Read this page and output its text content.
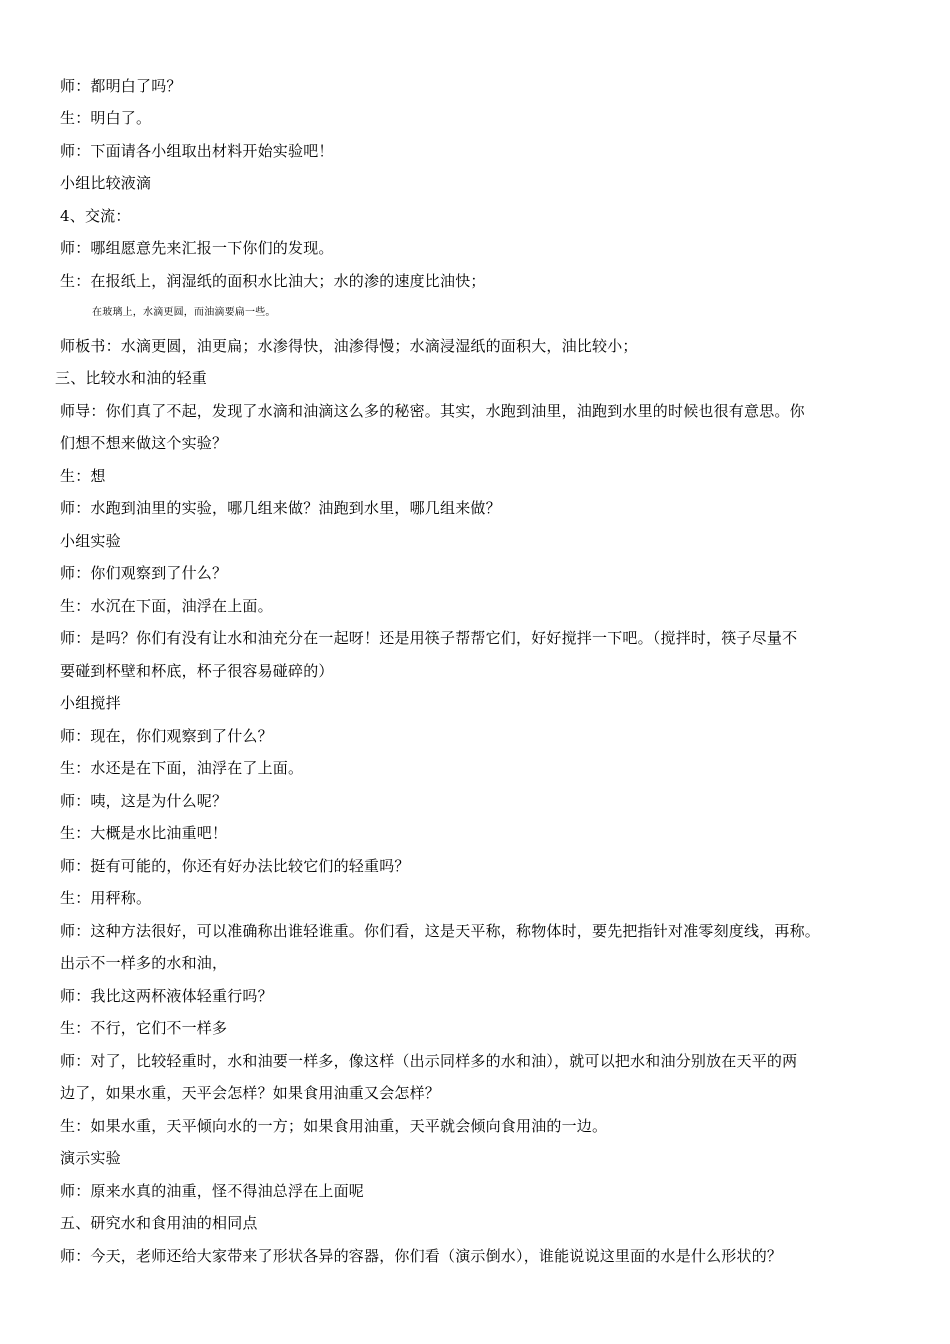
师：都明白了吗？
生：明白了。
师：下面请各小组取出材料开始实验吧！
小组比较液滴
4、交流：
师：哪组愿意先来汇报一下你们的发现。
生：在报纸上，润湿纸的面积水比油大；水的渗的速度比油快；
在玻璃上，水滴更圆，而油滴要扁一些。
师板书：水滴更圆，油更扁；水渗得快，油渗得慢；水滴浸湿纸的面积大，油比较小；
三、比较水和油的轻重
师导：你们真了不起，发现了水滴和油滴这么多的秘密。其实，水跑到油里，油跑到水里的时候也很有意思。你
们想不想来做这个实验？
生：想
师：水跑到油里的实验，哪几组来做？油跑到水里，哪几组来做？
小组实验
师：你们观察到了什么？
生：水沉在下面，油浮在上面。
师：是吗？你们有没有让水和油充分在一起呀！还是用筷子帮帮它们，好好搅拌一下吧。（搅拌时，筷子尽量不
要碰到杯壁和杯底，杯子很容易碰碎的）
小组搅拌
师：现在，你们观察到了什么？
生：水还是在下面，油浮在了上面。
师：咦，这是为什么呢？
生：大概是水比油重吧！
师：挺有可能的，你还有好办法比较它们的轻重吗？
生：用秤称。
师：这种方法很好，可以准确称出谁轻谁重。你们看，这是天平称，称物体时，要先把指针对准零刻度线，再称。
出示不一样多的水和油，
师：我比这两杯液体轻重行吗？
生：不行，它们不一样多
师：对了，比较轻重时，水和油要一样多，像这样（出示同样多的水和油），就可以把水和油分别放在天平的两
边了，如果水重，天平会怎样？如果食用油重又会怎样？
生：如果水重，天平倾向水的一方；如果食用油重，天平就会倾向食用油的一边。
演示实验
师：原来水真的油重，怪不得油总浮在上面呢
五、研究水和食用油的相同点
师：今天，老师还给大家带来了形状各异的容器，你们看（演示倒水），谁能说说这里面的水是什么形状的？
